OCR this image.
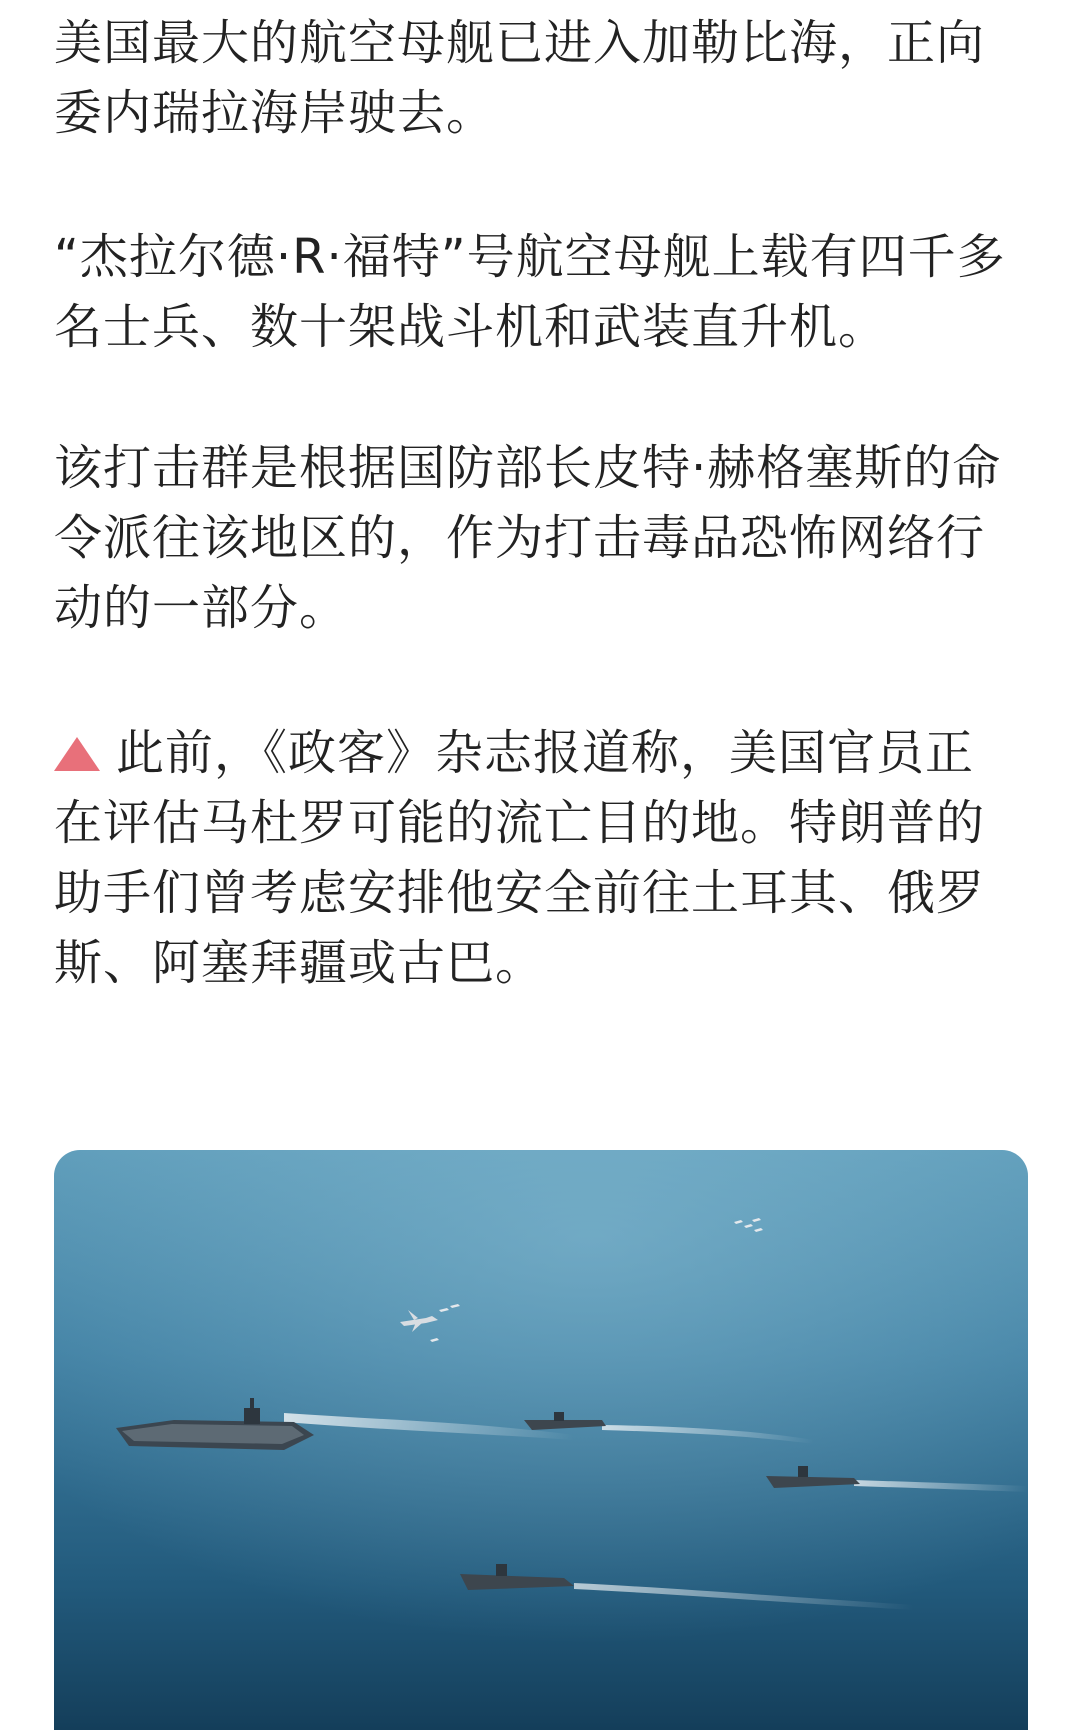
美国最大的航空母舰已进入加勒比海，正向委内瑞拉海岸驶去。

“杰拉尔德·R·福特”号航空母舰上载有四千多名士兵、数十架战斗机和武装直升机。

该打击群是根据国防部长皮特·赫格塞斯的命令派往该地区的，作为打击毒品恐怖网络行动的一部分。

此前，《政客》杂志报道称，美国官员正在评估马杜罗可能的流亡目的地。特朗普的助手们曾考虑安排他安全前往土耳其、俄罗斯、阿塞拜疆或古巴。
